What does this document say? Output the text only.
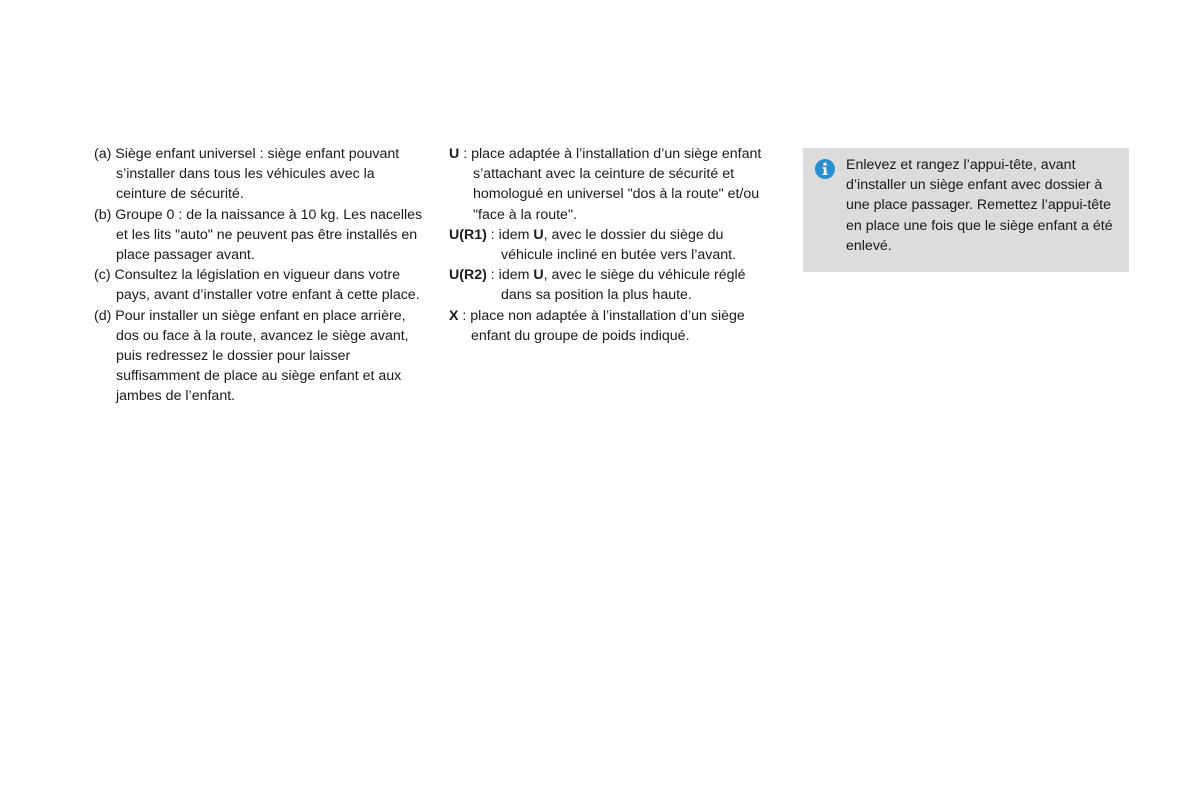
(a) Siège enfant universel : siège enfant pouvant s’installer dans tous les véhicules avec la ceinture de sécurité.

(b) Groupe 0 : de la naissance à 10 kg. Les nacelles et les lits "auto" ne peuvent pas être installés en place passager avant.

(c) Consultez la législation en vigueur dans votre pays, avant d’installer votre enfant à cette place.

(d) Pour installer un siège enfant en place arrière, dos ou face à la route, avancez le siège avant, puis redressez le dossier pour laisser suffisamment de place au siège enfant et aux jambes de l’enfant.

U : place adaptée à l’installation d’un siège enfant s’attachant avec la ceinture de sécurité et homologué en universel "dos à la route" et/ou "face à la route".

U(R1) : idem U, avec le dossier du siège du véhicule incliné en butée vers l’avant.

U(R2) : idem U, avec le siège du véhicule réglé dans sa position la plus haute.

X : place non adaptée à l’installation d’un siège enfant du groupe de poids indiqué.

Enlevez et rangez l’appui-tête, avant d’installer un siège enfant avec dossier à une place passager. Remettez l’appui-tête en place une fois que le siège enfant a été enlevé.
